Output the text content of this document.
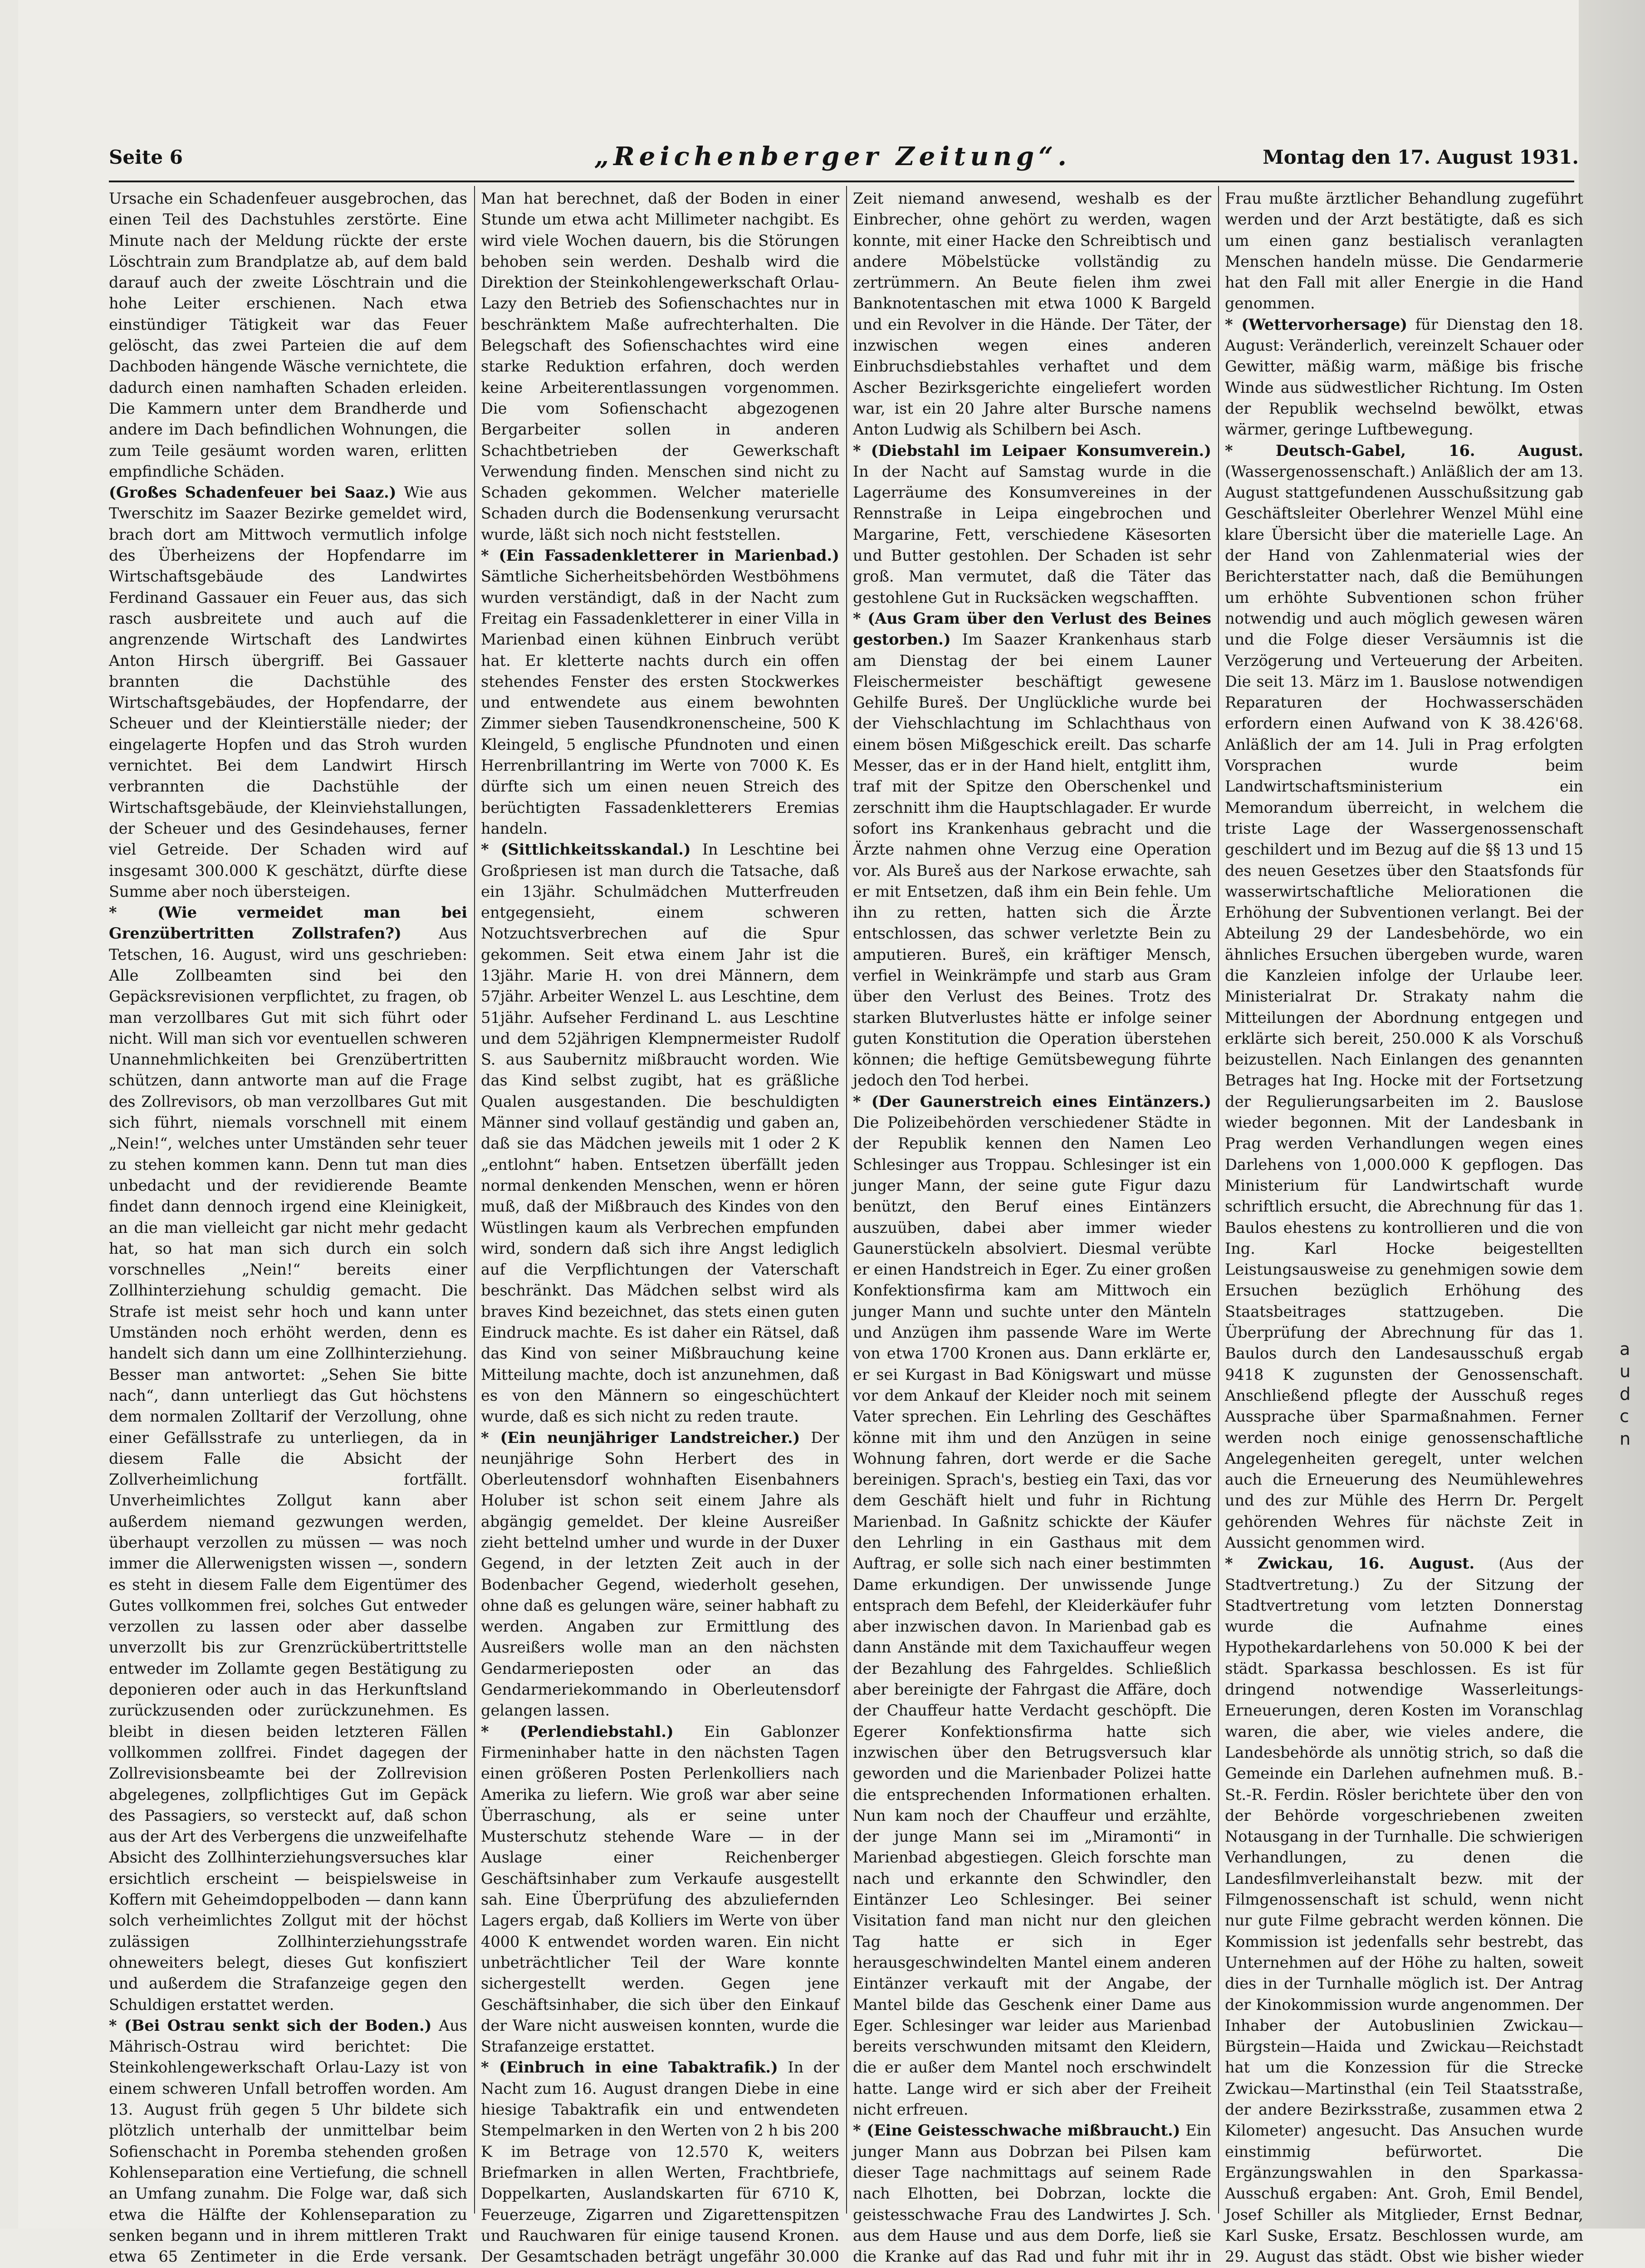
a
u
d
c
n
Seite 6	„Reichenberger Zeitung“.	Montag den 17. August 1931.

Ursache ein Schadenfeuer ausgebrochen, das einen Teil des Dachstuhles zerstörte. Eine Minute nach der Meldung rückte der erste Löschtrain zum Brandplatze ab, auf dem bald darauf auch der zweite Löschtrain und die hohe Leiter erschienen. Nach etwa einstündiger Tätigkeit war das Feuer gelöscht, das zwei Parteien die auf dem Dachboden hängende Wäsche vernichtete, die dadurch einen namhaften Schaden erleiden. Die Kammern unter dem Brandherde und andere im Dach befindlichen Wohnungen, die zum Teile gesäumt worden waren, erlitten empfindliche Schäden.

(Großes Schadenfeuer bei Saaz.) Wie aus Twerschitz im Saazer Bezirke gemeldet wird, brach dort am Mittwoch vermutlich infolge des Überheizens der Hopfendarre im Wirtschaftsgebäude des Landwirtes Ferdinand Gassauer ein Feuer aus, das sich rasch ausbreitete und auch auf die angrenzende Wirtschaft des Landwirtes Anton Hirsch übergriff. Bei Gassauer brannten die Dachstühle des Wirtschaftsgebäudes, der Hopfendarre, der Scheuer und der Kleintierställe nieder; der eingelagerte Hopfen und das Stroh wurden vernichtet. Bei dem Landwirt Hirsch verbrannten die Dachstühle der Wirtschaftsgebäude, der Kleinviehstallungen, der Scheuer und des Gesindehauses, ferner viel Getreide. Der Schaden wird auf insgesamt 300.000 K geschätzt, dürfte diese Summe aber noch übersteigen.

* (Wie vermeidet man bei Grenzübertritten Zollstrafen?) Aus Tetschen, 16. August, wird uns geschrieben: Alle Zollbeamten sind bei den Gepäcksrevisionen verpflichtet, zu fragen, ob man verzollbares Gut mit sich führt oder nicht. Will man sich vor eventuellen schweren Unannehmlichkeiten bei Grenzübertritten schützen, dann antworte man auf die Frage des Zollrevisors, ob man verzollbares Gut mit sich führt, niemals vorschnell mit einem „Nein!“, welches unter Umständen sehr teuer zu stehen kommen kann. Denn tut man dies unbedacht und der revidierende Beamte findet dann dennoch irgend eine Kleinigkeit, an die man vielleicht gar nicht mehr gedacht hat, so hat man sich durch ein solch vorschnelles „Nein!“ bereits einer Zollhinterziehung schuldig gemacht. Die Strafe ist meist sehr hoch und kann unter Umständen noch erhöht werden, denn es handelt sich dann um eine Zollhinterziehung. Besser man antwortet: „Sehen Sie bitte nach“, dann unterliegt das Gut höchstens dem normalen Zolltarif der Verzollung, ohne einer Gefällsstrafe zu unterliegen, da in diesem Falle die Absicht der Zollverheimlichung fortfällt. Unverheimlichtes Zollgut kann aber außerdem niemand gezwungen werden, überhaupt verzollen zu müssen — was noch immer die Allerwenigsten wissen —, sondern es steht in diesem Falle dem Eigentümer des Gutes vollkommen frei, solches Gut entweder verzollen zu lassen oder aber dasselbe unverzollt bis zur Grenzrückübertrittstelle entweder im Zollamte gegen Bestätigung zu deponieren oder auch in das Herkunftsland zurückzusenden oder zurückzunehmen. Es bleibt in diesen beiden letzteren Fällen vollkommen zollfrei. Findet dagegen der Zollrevisionsbeamte bei der Zollrevision abgelegenes, zollpflichtiges Gut im Gepäck des Passagiers, so versteckt auf, daß schon aus der Art des Verbergens die unzweifelhafte Absicht des Zollhinterziehungsversuches klar ersichtlich erscheint — beispielsweise in Koffern mit Geheimdoppelboden — dann kann solch verheimlichtes Zollgut mit der höchst zulässigen Zollhinterziehungsstrafe ohneweiters belegt, dieses Gut konfisziert und außerdem die Strafanzeige gegen den Schuldigen erstattet werden.

* (Bei Ostrau senkt sich der Boden.) Aus Mährisch-Ostrau wird berichtet: Die Steinkohlengewerkschaft Orlau-Lazy ist von einem schweren Unfall betroffen worden. Am 13. August früh gegen 5 Uhr bildete sich plötzlich unterhalb der unmittelbar beim Sofienschacht in Poremba stehenden großen Kohlenseparation eine Vertiefung, die schnell an Umfang zunahm. Die Folge war, daß sich etwa die Hälfte der Kohlenseparation zu senken begann und in ihrem mittleren Trakt etwa 65 Zentimeter in die Erde versank.

Man hat berechnet, daß der Boden in einer Stunde um etwa acht Millimeter nachgibt. Es wird viele Wochen dauern, bis die Störungen behoben sein werden. Deshalb wird die Direktion der Steinkohlengewerkschaft Orlau-Lazy den Betrieb des Sofienschachtes nur in beschränktem Maße aufrechterhalten. Die Belegschaft des Sofienschachtes wird eine starke Reduktion erfahren, doch werden keine Arbeiterentlassungen vorgenommen. Die vom Sofienschacht abgezogenen Bergarbeiter sollen in anderen Schachtbetrieben der Gewerkschaft Verwendung finden. Menschen sind nicht zu Schaden gekommen. Welcher materielle Schaden durch die Bodensenkung verursacht wurde, läßt sich noch nicht feststellen.

* (Ein Fassadenkletterer in Marienbad.) Sämtliche Sicherheitsbehörden Westböhmens wurden verständigt, daß in der Nacht zum Freitag ein Fassadenkletterer in einer Villa in Marienbad einen kühnen Einbruch verübt hat. Er kletterte nachts durch ein offen stehendes Fenster des ersten Stockwerkes und entwendete aus einem bewohnten Zimmer sieben Tausendkronenscheine, 500 K Kleingeld, 5 englische Pfundnoten und einen Herrenbrillantring im Werte von 7000 K. Es dürfte sich um einen neuen Streich des berüchtigten Fassadenkletterers Eremias handeln.

* (Sittlichkeitsskandal.) In Leschtine bei Großpriesen ist man durch die Tatsache, daß ein 13jähr. Schulmädchen Mutterfreuden entgegensieht, einem schweren Notzuchtsverbrechen auf die Spur gekommen. Seit etwa einem Jahr ist die 13jähr. Marie H. von drei Männern, dem 57jähr. Arbeiter Wenzel L. aus Leschtine, dem 51jähr. Aufseher Ferdinand L. aus Leschtine und dem 52jährigen Klempnermeister Rudolf S. aus Saubernitz mißbraucht worden. Wie das Kind selbst zugibt, hat es gräßliche Qualen ausgestanden. Die beschuldigten Männer sind vollauf geständig und gaben an, daß sie das Mädchen jeweils mit 1 oder 2 K „entlohnt“ haben. Entsetzen überfällt jeden normal denkenden Menschen, wenn er hören muß, daß der Mißbrauch des Kindes von den Wüstlingen kaum als Verbrechen empfunden wird, sondern daß sich ihre Angst lediglich auf die Verpflichtungen der Vaterschaft beschränkt. Das Mädchen selbst wird als braves Kind bezeichnet, das stets einen guten Eindruck machte. Es ist daher ein Rätsel, daß das Kind von seiner Mißbrauchung keine Mitteilung machte, doch ist anzunehmen, daß es von den Männern so eingeschüchtert wurde, daß es sich nicht zu reden traute.

* (Ein neunjähriger Landstreicher.) Der neunjährige Sohn Herbert des in Oberleutensdorf wohnhaften Eisenbahners Holuber ist schon seit einem Jahre als abgängig gemeldet. Der kleine Ausreißer zieht bettelnd umher und wurde in der Duxer Gegend, in der letzten Zeit auch in der Bodenbacher Gegend, wiederholt gesehen, ohne daß es gelungen wäre, seiner habhaft zu werden. Angaben zur Ermittlung des Ausreißers wolle man an den nächsten Gendarmerieposten oder an das Gendarmeriekommando in Oberleutensdorf gelangen lassen.

* (Perlendiebstahl.) Ein Gablonzer Firmeninhaber hatte in den nächsten Tagen einen größeren Posten Perlenkolliers nach Amerika zu liefern. Wie groß war aber seine Überraschung, als er seine unter Musterschutz stehende Ware — in der Auslage einer Reichenberger Geschäftsinhaber zum Verkaufe ausgestellt sah. Eine Überprüfung des abzuliefernden Lagers ergab, daß Kolliers im Werte von über 4000 K entwendet worden waren. Ein nicht unbeträchtlicher Teil der Ware konnte sichergestellt werden. Gegen jene Geschäftsinhaber, die sich über den Einkauf der Ware nicht ausweisen konnten, wurde die Strafanzeige erstattet.

* (Einbruch in eine Tabaktrafik.) In der Nacht zum 16. August drangen Diebe in eine hiesige Tabaktrafik ein und entwendeten Stempelmarken in den Werten von 2 h bis 200 K im Betrage von 12.570 K, weiters Briefmarken in allen Werten, Frachtbriefe, Doppelkarten, Auslandskarten für 6710 K, Feuerzeuge, Zigarren und Zigarettenspitzen und Rauchwaren für einige tausend Kronen. Der Gesamtschaden beträgt ungefähr 30.000

Zeit niemand anwesend, weshalb es der Einbrecher, ohne gehört zu werden, wagen konnte, mit einer Hacke den Schreibtisch und andere Möbelstücke vollständig zu zertrümmern. An Beute fielen ihm zwei Banknotentaschen mit etwa 1000 K Bargeld und ein Revolver in die Hände. Der Täter, der inzwischen wegen eines anderen Einbruchsdiebstahles verhaftet und dem Ascher Bezirksgerichte eingeliefert worden war, ist ein 20 Jahre alter Bursche namens Anton Ludwig als Schilbern bei Asch.

* (Diebstahl im Leipaer Konsumverein.) In der Nacht auf Samstag wurde in die Lagerräume des Konsumvereines in der Rennstraße in Leipa eingebrochen und Margarine, Fett, verschiedene Käsesorten und Butter gestohlen. Der Schaden ist sehr groß. Man vermutet, daß die Täter das gestohlene Gut in Rucksäcken wegschafften.

* (Aus Gram über den Verlust des Beines gestorben.) Im Saazer Krankenhaus starb am Dienstag der bei einem Launer Fleischermeister beschäftigt gewesene Gehilfe Bureš. Der Unglückliche wurde bei der Viehschlachtung im Schlachthaus von einem bösen Mißgeschick ereilt. Das scharfe Messer, das er in der Hand hielt, entglitt ihm, traf mit der Spitze den Oberschenkel und zerschnitt ihm die Hauptschlagader. Er wurde sofort ins Krankenhaus gebracht und die Ärzte nahmen ohne Verzug eine Operation vor. Als Bureš aus der Narkose erwachte, sah er mit Entsetzen, daß ihm ein Bein fehle. Um ihn zu retten, hatten sich die Ärzte entschlossen, das schwer verletzte Bein zu amputieren. Bureš, ein kräftiger Mensch, verfiel in Weinkrämpfe und starb aus Gram über den Verlust des Beines. Trotz des starken Blutverlustes hätte er infolge seiner guten Konstitution die Operation überstehen können; die heftige Gemütsbewegung führte jedoch den Tod herbei.

* (Der Gaunerstreich eines Eintänzers.) Die Polizeibehörden verschiedener Städte in der Republik kennen den Namen Leo Schlesinger aus Troppau. Schlesinger ist ein junger Mann, der seine gute Figur dazu benützt, den Beruf eines Eintänzers auszuüben, dabei aber immer wieder Gaunerstückeln absolviert. Diesmal verübte er einen Handstreich in Eger. Zu einer großen Konfektionsfirma kam am Mittwoch ein junger Mann und suchte unter den Mänteln und Anzügen ihm passende Ware im Werte von etwa 1700 Kronen aus. Dann erklärte er, er sei Kurgast in Bad Königswart und müsse vor dem Ankauf der Kleider noch mit seinem Vater sprechen. Ein Lehrling des Geschäftes könne mit ihm und den Anzügen in seine Wohnung fahren, dort werde er die Sache bereinigen. Sprach's, bestieg ein Taxi, das vor dem Geschäft hielt und fuhr in Richtung Marienbad. In Gaßnitz schickte der Käufer den Lehrling in ein Gasthaus mit dem Auftrag, er solle sich nach einer bestimmten Dame erkundigen. Der unwissende Junge entsprach dem Befehl, der Kleiderkäufer fuhr aber inzwischen davon. In Marienbad gab es dann Anstände mit dem Taxichauffeur wegen der Bezahlung des Fahrgeldes. Schließlich aber bereinigte der Fahrgast die Affäre, doch der Chauffeur hatte Verdacht geschöpft. Die Egerer Konfektionsfirma hatte sich inzwischen über den Betrugsversuch klar geworden und die Marienbader Polizei hatte die entsprechenden Informationen erhalten. Nun kam noch der Chauffeur und erzählte, der junge Mann sei im „Miramonti“ in Marienbad abgestiegen. Gleich forschte man nach und erkannte den Schwindler, den Eintänzer Leo Schlesinger. Bei seiner Visitation fand man nicht nur den gleichen Tag hatte er sich in Eger herausgeschwindelten Mantel einem anderen Eintänzer verkauft mit der Angabe, der Mantel bilde das Geschenk einer Dame aus Eger. Schlesinger war leider aus Marienbad bereits verschwunden mitsamt den Kleidern, die er außer dem Mantel noch erschwindelt hatte. Lange wird er sich aber der Freiheit nicht erfreuen.

* (Eine Geistesschwache mißbraucht.) Ein junger Mann aus Dobrzan bei Pilsen kam dieser Tage nachmittags auf seinem Rade nach Elhotten, bei Dobrzan, lockte die geistesschwache Frau des Landwirtes J. Sch. aus dem Hause und aus dem Dorfe, ließ sie die Kranke auf das Rad und fuhr mit ihr in

Frau mußte ärztlicher Behandlung zugeführt werden und der Arzt bestätigte, daß es sich um einen ganz bestialisch veranlagten Menschen handeln müsse. Die Gendarmerie hat den Fall mit aller Energie in die Hand genommen.

* (Wettervorhersage) für Dienstag den 18. August: Veränderlich, vereinzelt Schauer oder Gewitter, mäßig warm, mäßige bis frische Winde aus südwestlicher Richtung. Im Osten der Republik wechselnd bewölkt, etwas wärmer, geringe Luftbewegung.

* Deutsch-Gabel, 16. August. (Wassergenossenschaft.) Anläßlich der am 13. August stattgefundenen Ausschußsitzung gab Geschäftsleiter Oberlehrer Wenzel Mühl eine klare Übersicht über die materielle Lage. An der Hand von Zahlenmaterial wies der Berichterstatter nach, daß die Bemühungen um erhöhte Subventionen schon früher notwendig und auch möglich gewesen wären und die Folge dieser Versäumnis ist die Verzögerung und Verteuerung der Arbeiten. Die seit 13. März im 1. Bauslose notwendigen Reparaturen der Hochwasserschäden erfordern einen Aufwand von K 38.426'68. Anläßlich der am 14. Juli in Prag erfolgten Vorsprachen wurde beim Landwirtschaftsministerium ein Memorandum überreicht, in welchem die triste Lage der Wassergenossenschaft geschildert und im Bezug auf die §§ 13 und 15 des neuen Gesetzes über den Staatsfonds für wasserwirtschaftliche Meliorationen die Erhöhung der Subventionen verlangt. Bei der Abteilung 29 der Landesbehörde, wo ein ähnliches Ersuchen übergeben wurde, waren die Kanzleien infolge der Urlaube leer. Ministerialrat Dr. Strakaty nahm die Mitteilungen der Abordnung entgegen und erklärte sich bereit, 250.000 K als Vorschuß beizustellen. Nach Einlangen des genannten Betrages hat Ing. Hocke mit der Fortsetzung der Regulierungsarbeiten im 2. Bauslose wieder begonnen. Mit der Landesbank in Prag werden Verhandlungen wegen eines Darlehens von 1,000.000 K gepflogen. Das Ministerium für Landwirtschaft wurde schriftlich ersucht, die Abrechnung für das 1. Baulos ehestens zu kontrollieren und die von Ing. Karl Hocke beigestellten Leistungsausweise zu genehmigen sowie dem Ersuchen bezüglich Erhöhung des Staatsbeitrages stattzugeben. Die Überprüfung der Abrechnung für das 1. Baulos durch den Landesausschuß ergab 9418 K zugunsten der Genossenschaft. Anschließend pflegte der Ausschuß reges Aussprache über Sparmaßnahmen. Ferner werden noch einige genossenschaftliche Angelegenheiten geregelt, unter welchen auch die Erneuerung des Neumühlewehres und des zur Mühle des Herrn Dr. Pergelt gehörenden Wehres für nächste Zeit in Aussicht genommen wird.

* Zwickau, 16. August. (Aus der Stadtvertretung.) Zu der Sitzung der Stadtvertretung vom letzten Donnerstag wurde die Aufnahme eines Hypothekardarlehens von 50.000 K bei der städt. Sparkassa beschlossen. Es ist für dringend notwendige Wasserleitungs-Erneuerungen, deren Kosten im Voranschlag waren, die aber, wie vieles andere, die Landesbehörde als unnötig strich, so daß die Gemeinde ein Darlehen aufnehmen muß. B.-St.-R. Ferdin. Rösler berichtete über den von der Behörde vorgeschriebenen zweiten Notausgang in der Turnhalle. Die schwierigen Verhandlungen, zu denen die Landesfilmverleihanstalt bezw. mit der Filmgenossenschaft ist schuld, wenn nicht nur gute Filme gebracht werden können. Die Kommission ist jedenfalls sehr bestrebt, das Unternehmen auf der Höhe zu halten, soweit dies in der Turnhalle möglich ist. Der Antrag der Kinokommission wurde angenommen. Der Inhaber der Autobuslinien Zwickau—Bürgstein—Haida und Zwickau—Reichstadt hat um die Konzession für die Strecke Zwickau—Martinsthal (ein Teil Staatsstraße, der andere Bezirksstraße, zusammen etwa 2 Kilometer) angesucht. Das Ansuchen wurde einstimmig befürwortet. Die Ergänzungswahlen in den Sparkassa-Ausschuß ergaben: Ant. Groh, Emil Bendel, Josef Schiller als Mitglieder, Ernst Bednar, Karl Suske, Ersatz. Beschlossen wurde, am 29. August das städt. Obst wie bisher wieder
